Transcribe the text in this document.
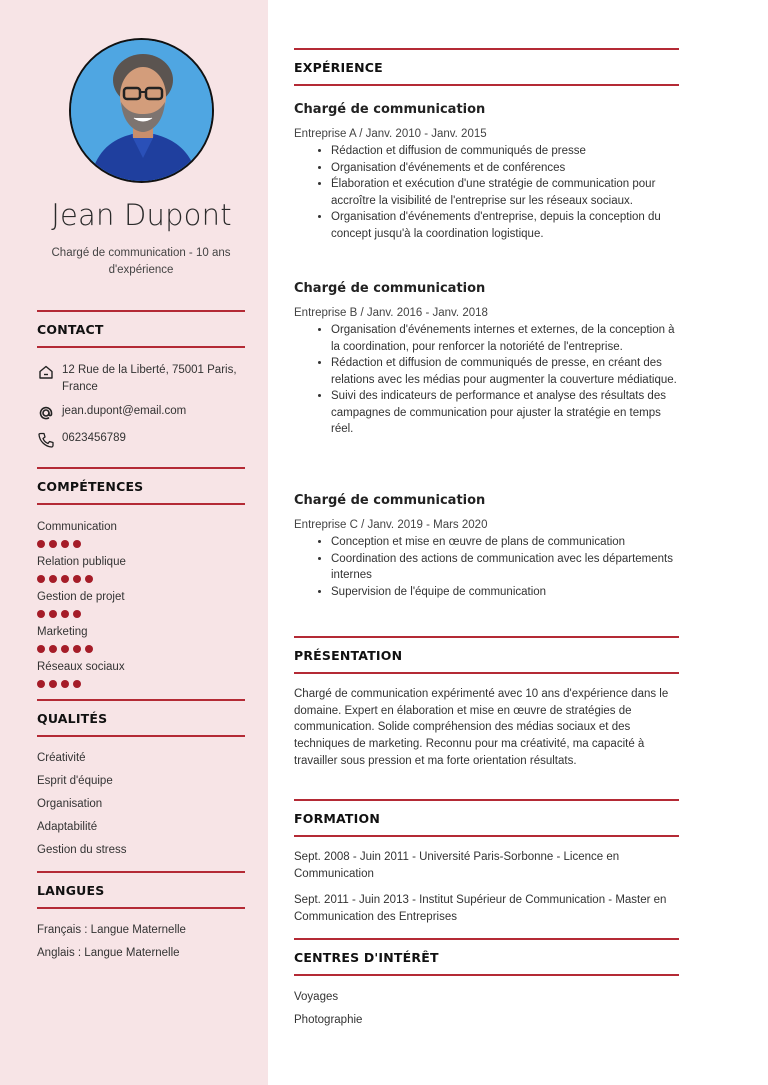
Jean Dupont
Chargé de communication - 10 ans d'expérience
CONTACT
12 Rue de la Liberté, 75001 Paris, France
jean.dupont@email.com
0623456789
COMPÉTENCES
Communication
Relation publique
Gestion de projet
Marketing
Réseaux sociaux
QUALITÉS
Créativité
Esprit d'équipe
Organisation
Adaptabilité
Gestion du stress
LANGUES
Français : Langue Maternelle
Anglais : Langue Maternelle
EXPÉRIENCE
Chargé de communication
Entreprise A / Janv. 2010 - Janv. 2015
• Rédaction et diffusion de communiqués de presse
• Organisation d'événements et de conférences
• Élaboration et exécution d'une stratégie de communication pour accroître la visibilité de l'entreprise sur les réseaux sociaux.
• Organisation d'événements d'entreprise, depuis la conception du concept jusqu'à la coordination logistique.
Chargé de communication
Entreprise B / Janv. 2016 - Janv. 2018
• Organisation d'événements internes et externes, de la conception à la coordination, pour renforcer la notoriété de l'entreprise.
• Rédaction et diffusion de communiqués de presse, en créant des relations avec les médias pour augmenter la couverture médiatique.
• Suivi des indicateurs de performance et analyse des résultats des campagnes de communication pour ajuster la stratégie en temps réel.
Chargé de communication
Entreprise C / Janv. 2019 - Mars 2020
• Conception et mise en œuvre de plans de communication
• Coordination des actions de communication avec les départements internes
• Supervision de l'équipe de communication
PRÉSENTATION
Chargé de communication expérimenté avec 10 ans d'expérience dans le domaine. Expert en élaboration et mise en œuvre de stratégies de communication. Solide compréhension des médias sociaux et des techniques de marketing. Reconnu pour ma créativité, ma capacité à travailler sous pression et ma forte orientation résultats.
FORMATION
Sept. 2008 - Juin 2011 - Université Paris-Sorbonne - Licence en Communication
Sept. 2011 - Juin 2013 - Institut Supérieur de Communication - Master en Communication des Entreprises
CENTRES D'INTÉRÊT
Voyages
Photographie
